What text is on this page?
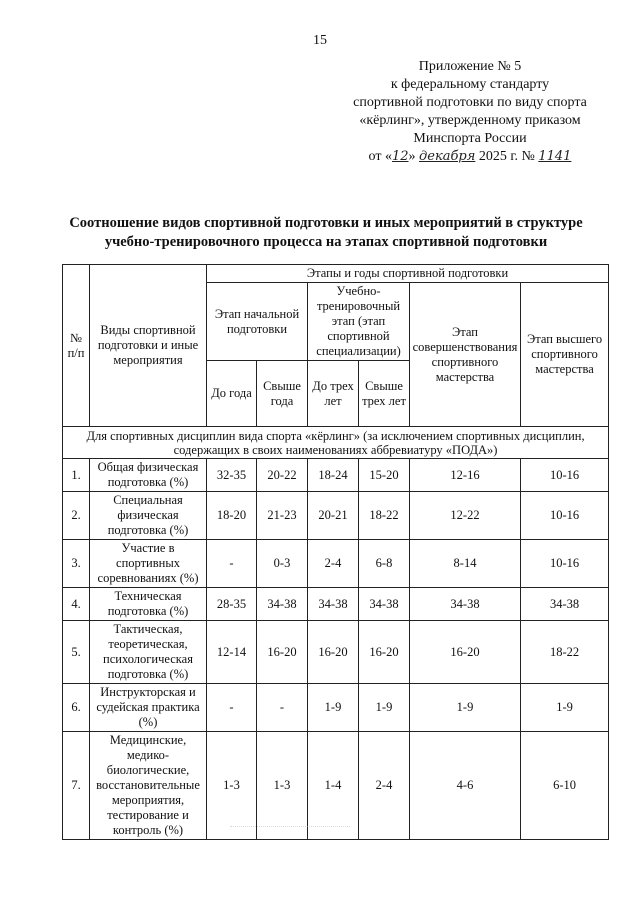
15
Приложение № 5
к федеральному стандарту
спортивной подготовки по виду спорта
«кёрлинг», утвержденному приказом
Минспорта России
от «12» декабря 2025 г. № 1141
Соотношение видов спортивной подготовки и иных мероприятий в структуре
учебно-тренировочного процесса на этапах спортивной подготовки
№ п/п	Виды спортивной подготовки и иные мероприятия	Этапы и годы спортивной подготовки					
		Этап начальной подготовки		Учебно-тренировочный этап (этап спортивной специализации)		Этап совершенствования спортивного мастерства	Этап высшего спортивного мастерства
		До года	Свыше года	До трех лет	Свыше трех лет		
Для спортивных дисциплин вида спорта «кёрлинг» (за исключением спортивных дисциплин, содержащих в своих наименованиях аббревиатуру «ПОДА»)							
1.	Общая физическая подготовка (%)	32-35	20-22	18-24	15-20	12-16	10-16
2.	Специальная физическая подготовка (%)	18-20	21-23	20-21	18-22	12-22	10-16
3.	Участие в спортивных соревнованиях (%)	-	0-3	2-4	6-8	8-14	10-16
4.	Техническая подготовка (%)	28-35	34-38	34-38	34-38	34-38	34-38
5.	Тактическая, теоретическая, психологическая подготовка (%)	12-14	16-20	16-20	16-20	16-20	18-22
6.	Инструкторская и судейская практика (%)	-	-	1-9	1-9	1-9	1-9
7.	Медицинские, медико-биологические, восстановительные мероприятия, тестирование и контроль (%)	1-3	1-3	1-4	2-4	4-6	6-10
